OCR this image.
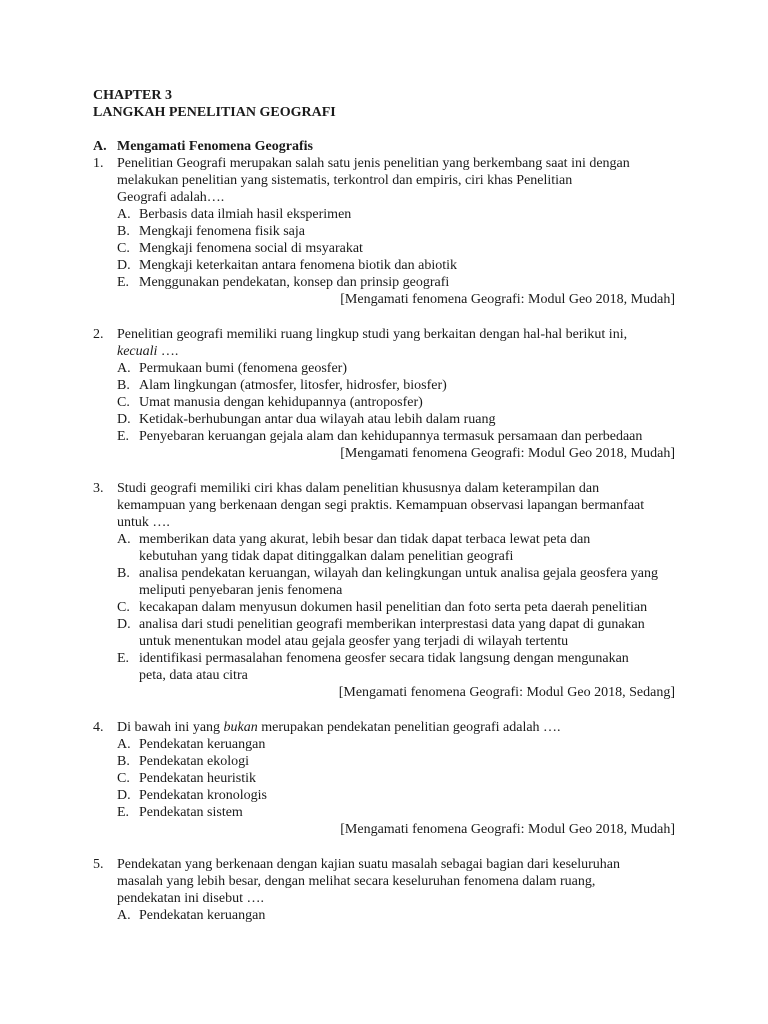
CHAPTER 3
LANGKAH PENELITIAN GEOGRAFI
A. Mengamati Fenomena Geografis
1. Penelitian Geografi merupakan salah satu jenis penelitian yang berkembang saat ini dengan
melakukan penelitian yang sistematis, terkontrol dan empiris, ciri khas Penelitian
Geografi adalah….
A. Berbasis data ilmiah hasil eksperimen
B. Mengkaji fenomena fisik saja
C. Mengkaji fenomena social di msyarakat
D. Mengkaji keterkaitan antara fenomena biotik dan abiotik
E. Menggunakan pendekatan, konsep dan prinsip geografi
[Mengamati fenomena Geografi: Modul Geo 2018, Mudah]
2. Penelitian geografi memiliki ruang lingkup studi yang berkaitan dengan hal-hal berikut ini,
kecuali ….
A. Permukaan bumi (fenomena geosfer)
B. Alam lingkungan (atmosfer, litosfer, hidrosfer, biosfer)
C. Umat manusia dengan kehidupannya (antroposfer)
D. Ketidak-berhubungan antar dua wilayah atau lebih dalam ruang
E. Penyebaran keruangan gejala alam dan kehidupannya termasuk persamaan dan perbedaan
[Mengamati fenomena Geografi: Modul Geo 2018, Mudah]
3. Studi geografi memiliki ciri khas dalam penelitian khususnya dalam keterampilan dan
kemampuan yang berkenaan dengan segi praktis. Kemampuan observasi lapangan bermanfaat
untuk ….
A. memberikan data yang akurat, lebih besar dan tidak dapat terbaca lewat peta dan
kebutuhan yang tidak dapat ditinggalkan dalam penelitian geografi
B. analisa pendekatan keruangan, wilayah dan kelingkungan untuk analisa gejala geosfera yang
meliputi penyebaran jenis fenomena
C. kecakapan dalam menyusun dokumen hasil penelitian dan foto serta peta daerah penelitian
D. analisa dari studi penelitian geografi memberikan interprestasi data yang dapat di gunakan
untuk menentukan model atau gejala geosfer yang terjadi di wilayah tertentu
E. identifikasi permasalahan fenomena geosfer secara tidak langsung dengan mengunakan
peta, data atau citra
[Mengamati fenomena Geografi: Modul Geo 2018, Sedang]
4. Di bawah ini yang bukan merupakan pendekatan penelitian geografi adalah ….
A. Pendekatan keruangan
B. Pendekatan ekologi
C. Pendekatan heuristik
D. Pendekatan kronologis
E. Pendekatan sistem
[Mengamati fenomena Geografi: Modul Geo 2018, Mudah]
5. Pendekatan yang berkenaan dengan kajian suatu masalah sebagai bagian dari keseluruhan
masalah yang lebih besar, dengan melihat secara keseluruhan fenomena dalam ruang,
pendekatan ini disebut ….
A. Pendekatan keruangan
